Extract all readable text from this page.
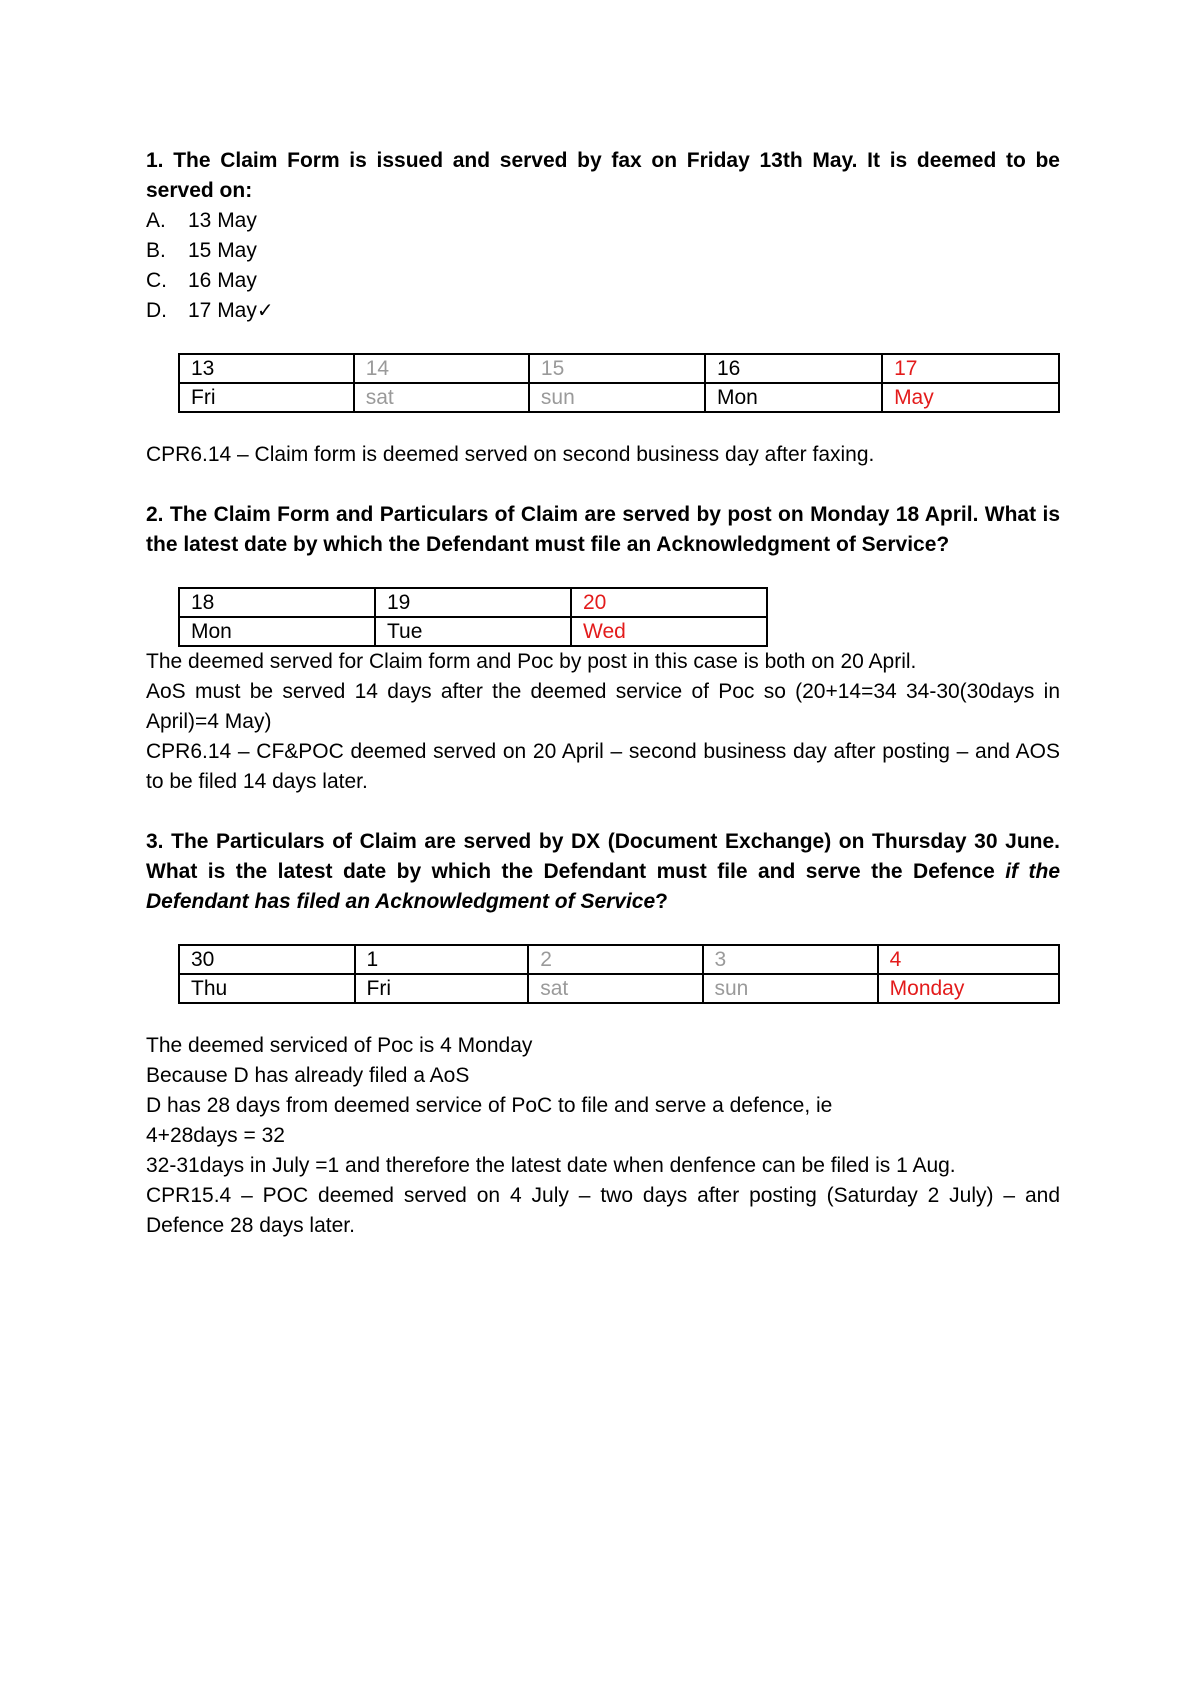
1. The Claim Form is issued and served by fax on Friday 13th May. It is deemed to be served on:

A.	13 May
B.	15 May
C.	16 May
D.	17 May ✓
13	14	15	16	17
Fri	sat	sun	Mon	May

CPR6.14 – Claim form is deemed served on second business day after faxing.

2. The Claim Form and Particulars of Claim are served by post on Monday 18 April. What is the latest date by which the Defendant must file an Acknowledgment of Service?

18	19	20
Mon	Tue	Wed

The deemed served for Claim form and Poc by post in this case is both on 20 April.

AoS must be served 14 days after the deemed service of Poc so (20+14=34 34-30(30days in April)=4 May)

CPR6.14 – CF&POC deemed served on 20 April – second business day after posting – and AOS to be filed 14 days later.

3. The Particulars of Claim are served by DX (Document Exchange) on Thursday 30 June. What is the latest date by which the Defendant must file and serve the Defence if the Defendant has filed an Acknowledgment of Service?

30	1	2	3	4
Thu	Fri	sat	sun	Monday

The deemed serviced of Poc is 4 Monday

Because D has already filed a AoS

D has 28 days from deemed service of PoC to file and serve a defence, ie

4+28days = 32

32-31days in July =1 and therefore the latest date when denfence can be filed is 1 Aug.

CPR15.4 – POC deemed served on 4 July – two days after posting (Saturday 2 July) – and Defence 28 days later.
